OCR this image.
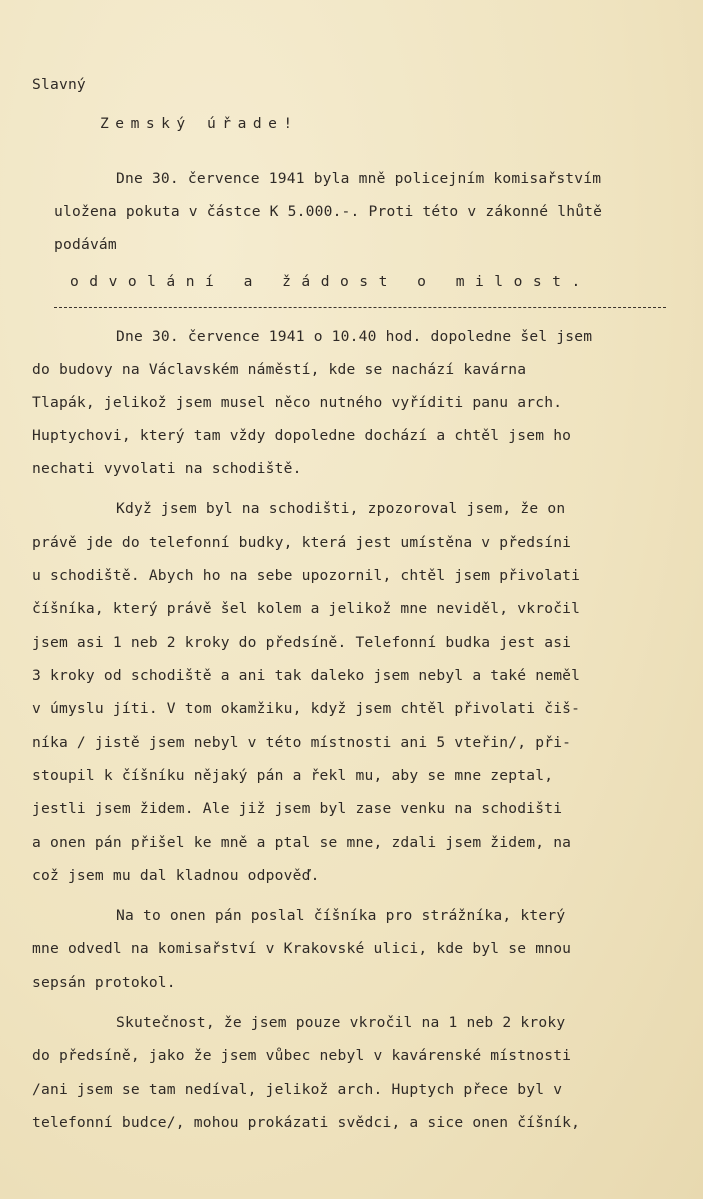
Slavný
Zemský úřade!
Dne 30. července 1941 byla mně policejním komisařstvím
uložena pokuta v částce K 5.000.-. Proti této v zákonné lhůtě
podávám
odvolání a žádost o milost.
Dne 30. července 1941 o 10.40 hod. dopoledne šel jsem
do budovy na Václavském náměstí, kde se nachází kavárna
Tlapák, jelikož jsem musel něco nutného vyříditi panu arch.
Huptychovi, který tam vždy dopoledne dochází a chtěl jsem ho
nechati vyvolati na schodiště.
Když jsem byl na schodišti, zpozoroval jsem, že on
právě jde do telefonní budky, která jest umístěna v předsíni
u schodiště. Abych ho na sebe upozornil, chtěl jsem přivolati
číšníka, který právě šel kolem a jelikož mne neviděl, vkročil
jsem asi 1 neb 2 kroky do předsíně. Telefonní budka jest asi
3 kroky od schodiště a ani tak daleko jsem nebyl a také neměl
v úmyslu jíti. V tom okamžiku, když jsem chtěl přivolati čiš-
níka / jistě jsem nebyl v této místnosti ani 5 vteřin/, při-
stoupil k číšníku nějaký pán a řekl mu, aby se mne zeptal,
jestli jsem židem. Ale již jsem byl zase venku na schodišti
a onen pán přišel ke mně a ptal se mne, zdali jsem židem, na
což jsem mu dal kladnou odpověď.
Na to onen pán poslal číšníka pro strážníka, který
mne odvedl na komisařství v Krakovské ulici, kde byl se mnou
sepsán protokol.
Skutečnost, že jsem pouze vkročil na 1 neb 2 kroky
do předsíně, jako že jsem vůbec nebyl v kavárenské místnosti
/ani jsem se tam nedíval, jelikož arch. Huptych přece byl v
telefonní budce/, mohou prokázati svědci, a sice onen číšník,
